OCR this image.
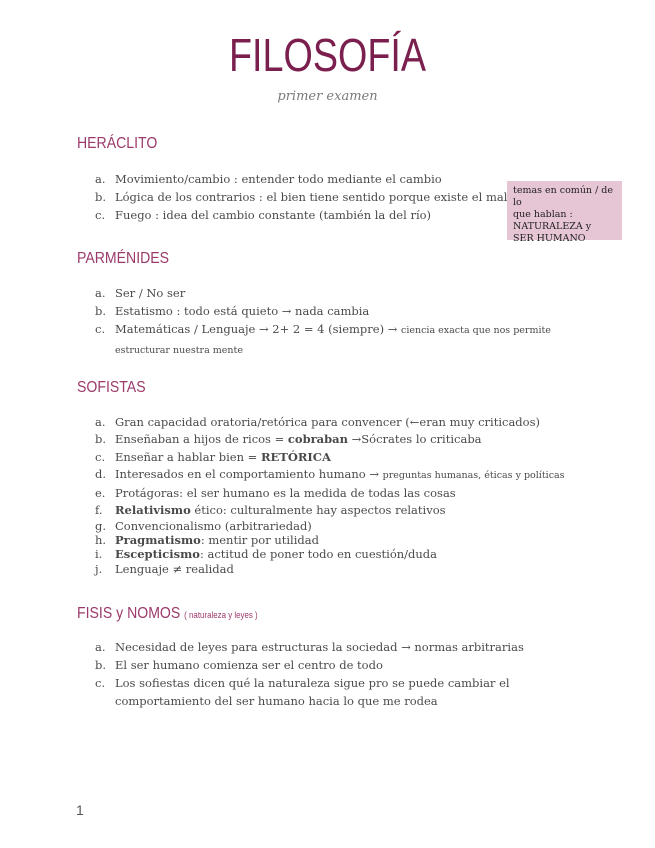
FILOSOFÍA
primer examen
HERÁCLITO
a. Movimiento/cambio : entender todo mediante el cambio
b. Lógica de los contrarios : el bien tiene sentido porque existe el mal
c. Fuego : idea del cambio constante (también la del río)
temas en común / de lo
que hablan :
NATURALEZA y
SER HUMANO
PARMÉNIDES
a. Ser / No ser
b. Estatismo : todo está quieto → nada cambia
c. Matemáticas / Lenguaje → 2+ 2 = 4 (siempre) → ciencia exacta que nos permite
estructurar nuestra mente
SOFISTAS
a. Gran capacidad oratoria/retórica para convencer (←eran muy criticados)
b. Enseñaban a hijos de ricos = cobraban →Sócrates lo criticaba
c. Enseñar a hablar bien = RETÓRICA
d. Interesados en el comportamiento humano → preguntas humanas, éticas y políticas
e. Protágoras: el ser humano es la medida de todas las cosas
f. Relativismo ético: culturalmente hay aspectos relativos
g. Convencionalismo (arbitrariedad)
h. Pragmatismo: mentir por utilidad
i. Escepticismo: actitud de poner todo en cuestión/duda
j. Lenguaje ≠ realidad
FISIS y NOMOS ( naturaleza y leyes )
a. Necesidad de leyes para estructuras la sociedad → normas arbitrarias
b. El ser humano comienza ser el centro de todo
c. Los sofiestas dicen qué la naturaleza sigue pro se puede cambiar el
comportamiento del ser humano hacia lo que me rodea
1
